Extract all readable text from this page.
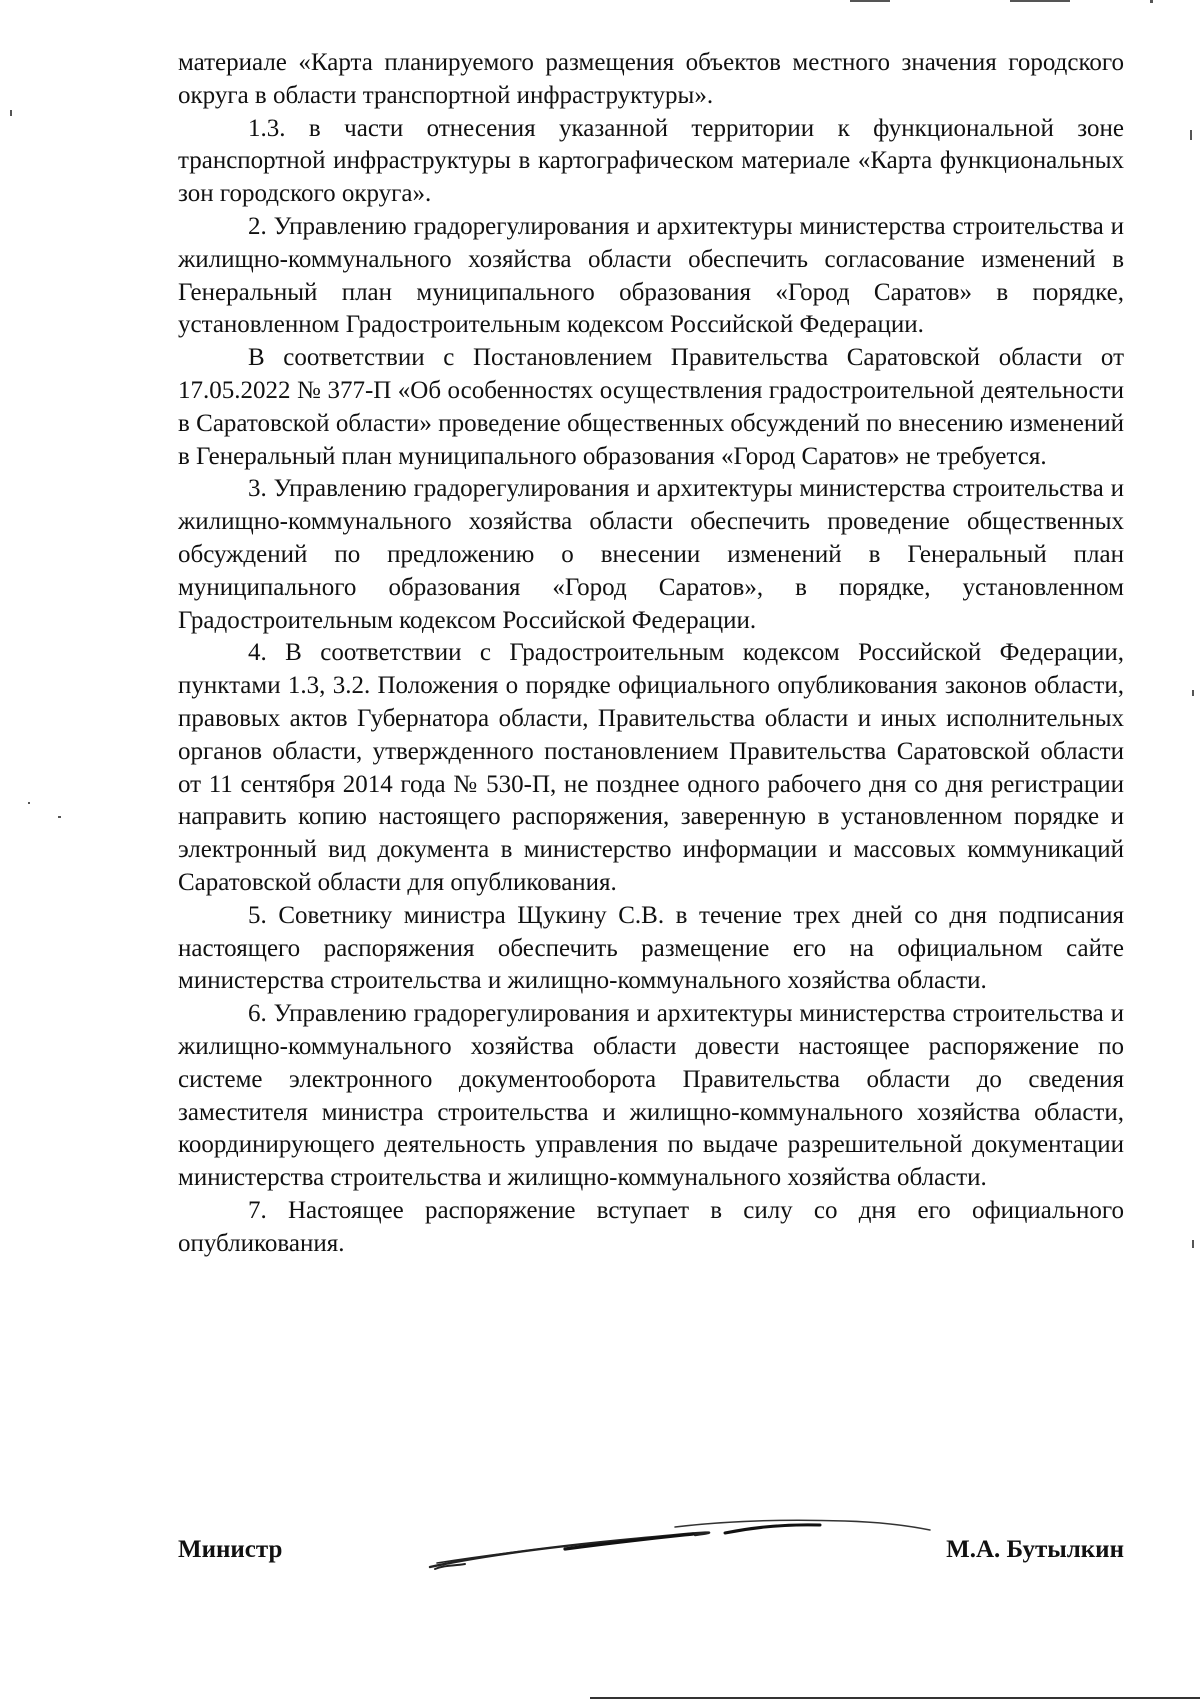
материале «Карта планируемого размещения объектов местного значения городского округа в области транспортной инфраструктуры».

1.3. в части отнесения указанной территории к функциональной зоне транспортной инфраструктуры в картографическом материале «Карта функциональных зон городского округа».

2. Управлению градорегулирования и архитектуры министерства строительства и жилищно-коммунального хозяйства области обеспечить согласование изменений в Генеральный план муниципального образования «Город Саратов» в порядке, установленном Градостроительным кодексом Российской Федерации.

В соответствии с Постановлением Правительства Саратовской области от 17.05.2022 № 377-П «Об особенностях осуществления градостроительной деятельности в Саратовской области» проведение общественных обсуждений по внесению изменений в Генеральный план муниципального образования «Город Саратов» не требуется.

3. Управлению градорегулирования и архитектуры министерства строительства и жилищно-коммунального хозяйства области обеспечить проведение общественных обсуждений по предложению о внесении изменений в Генеральный план муниципального образования «Город Саратов», в порядке, установленном Градостроительным кодексом Российской Федерации.

4. В соответствии с Градостроительным кодексом Российской Федерации, пунктами 1.3, 3.2. Положения о порядке официального опубликования законов области, правовых актов Губернатора области, Правительства области и иных исполнительных органов области, утвержденного постановлением Правительства Саратовской области от 11 сентября 2014 года № 530-П, не позднее одного рабочего дня со дня регистрации направить копию настоящего распоряжения, заверенную в установленном порядке и электронный вид документа в министерство информации и массовых коммуникаций Саратовской области для опубликования.

5. Советнику министра Щукину С.В. в течение трех дней со дня подписания настоящего распоряжения обеспечить размещение его на официальном сайте министерства строительства и жилищно-коммунального хозяйства области.

6. Управлению градорегулирования и архитектуры министерства строительства и жилищно-коммунального хозяйства области довести настоящее распоряжение по системе электронного документооборота Правительства области до сведения заместителя министра строительства и жилищно-коммунального хозяйства области, координирующего деятельность управления по выдаче разрешительной документации министерства строительства и жилищно-коммунального хозяйства области.

7. Настоящее распоряжение вступает в силу со дня его официального опубликования.

Министр	М.А. Бутылкин
